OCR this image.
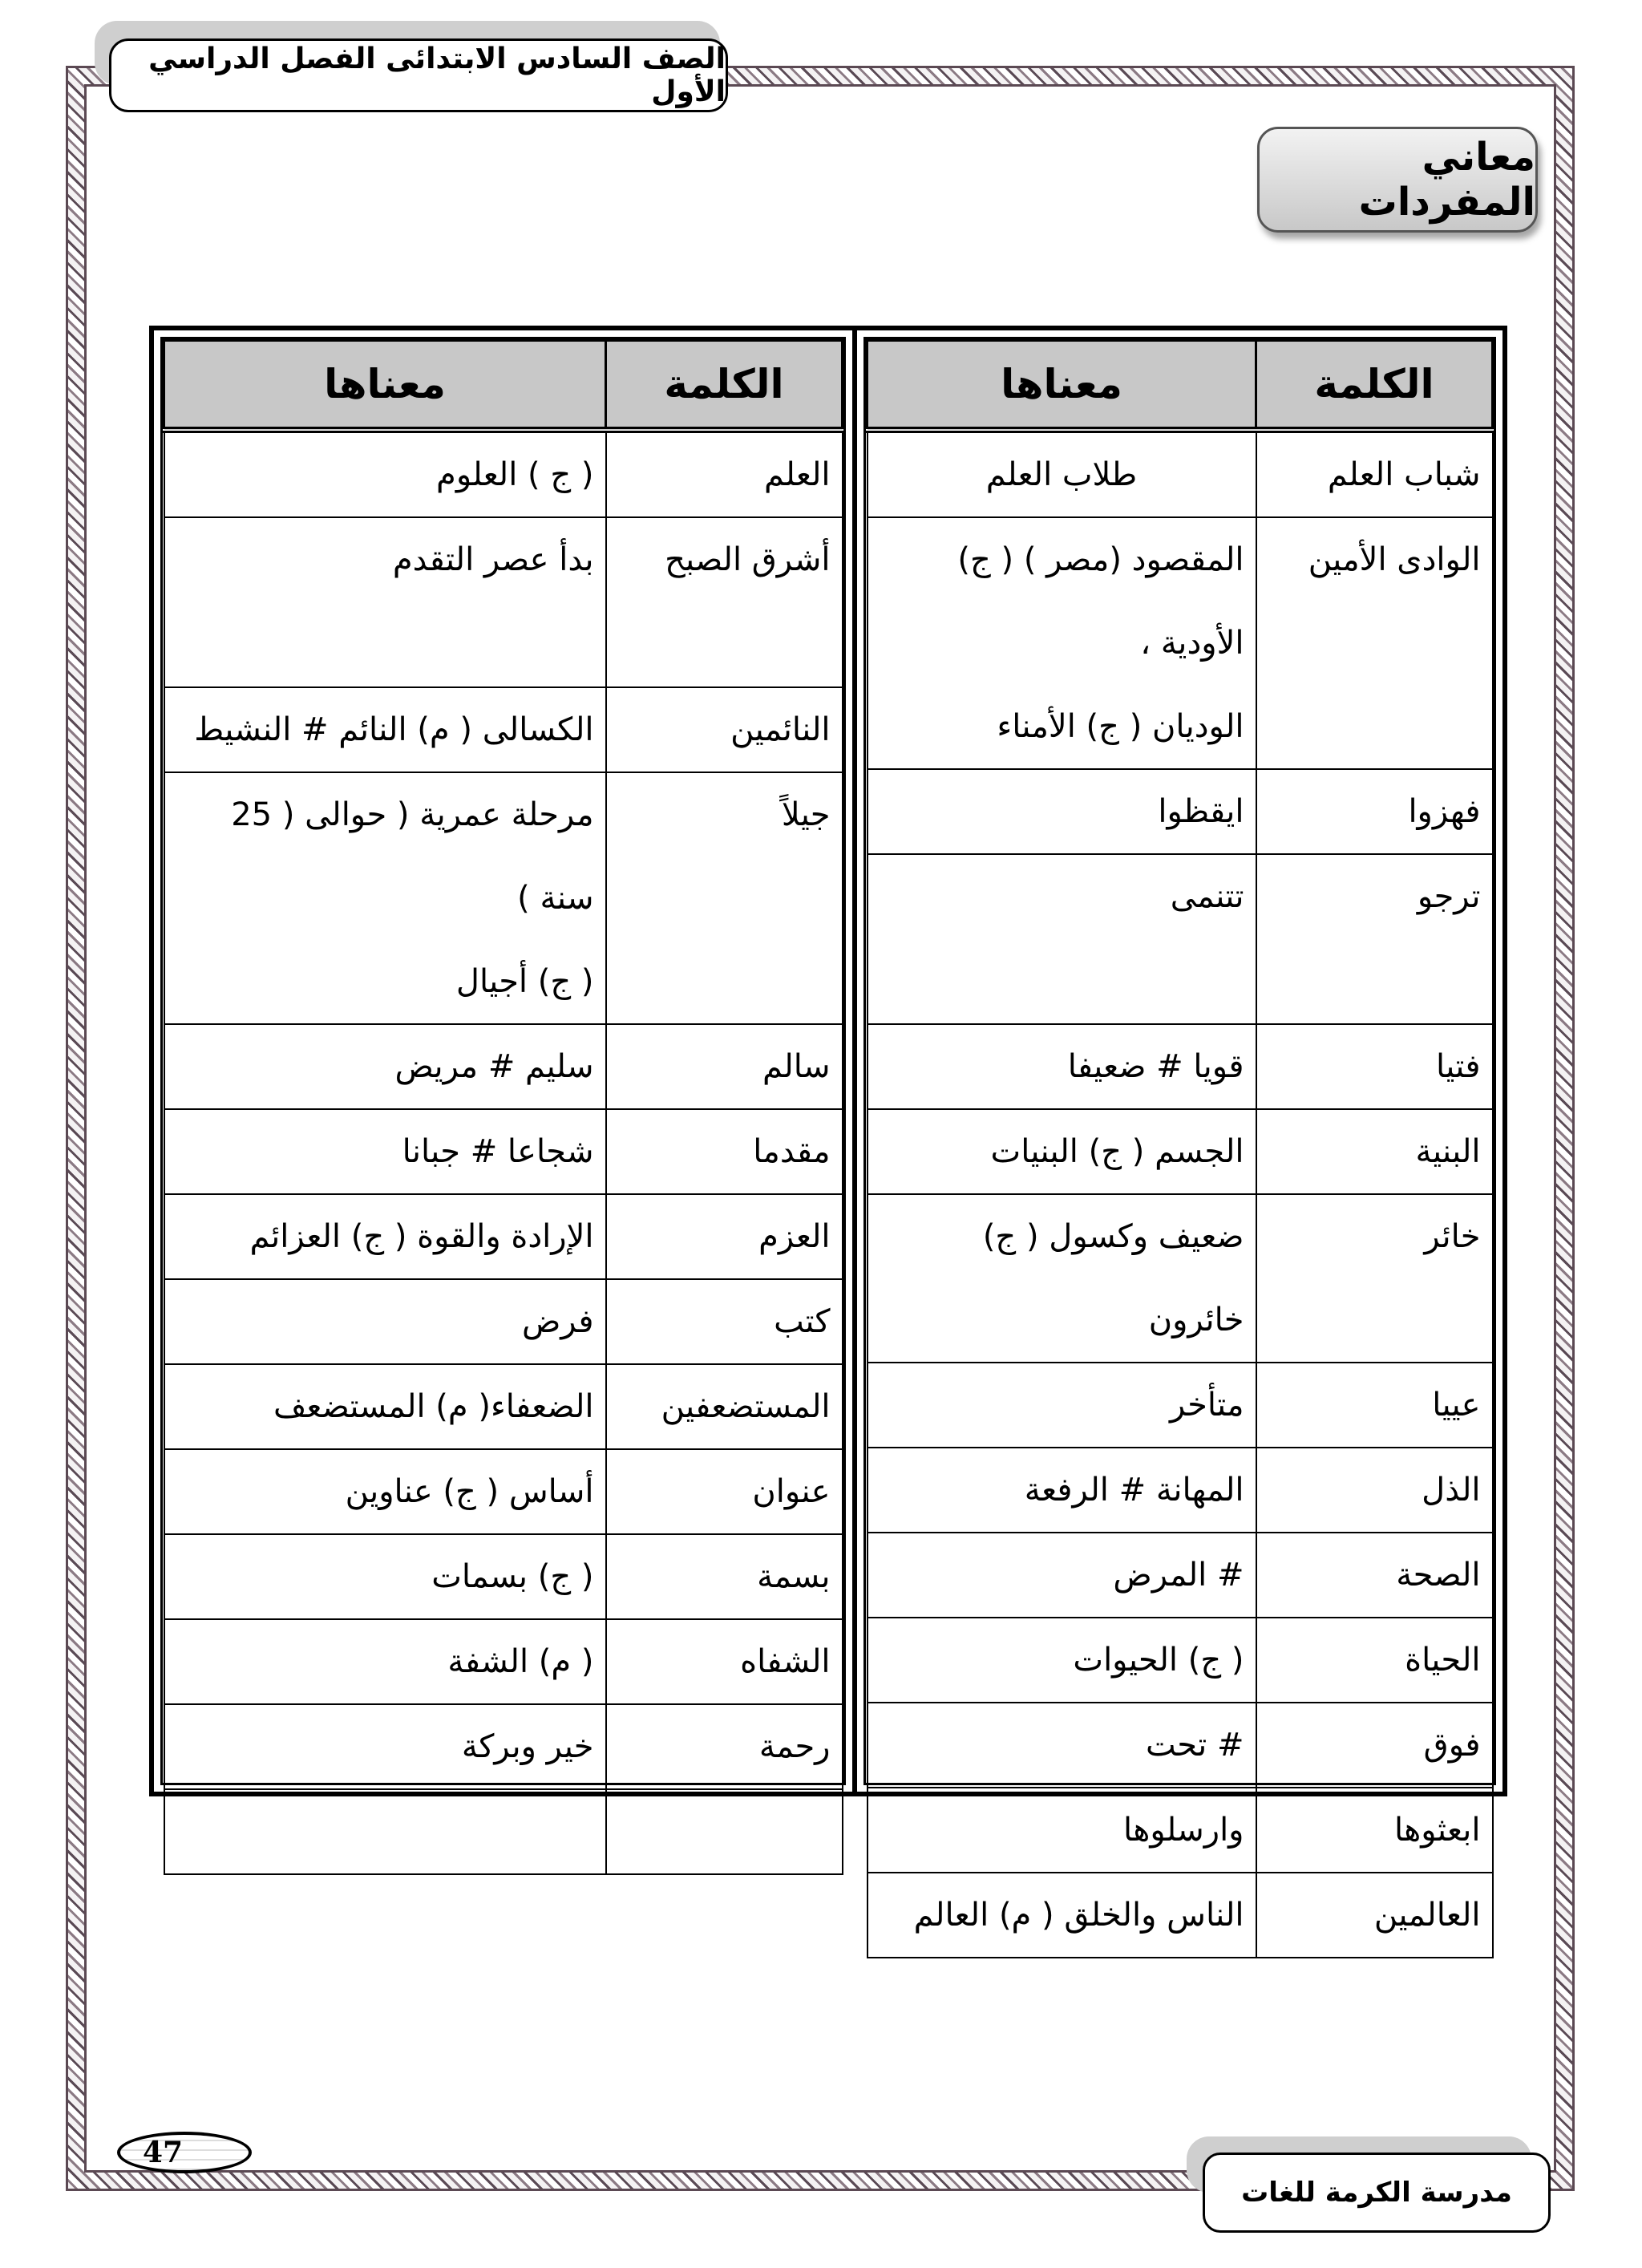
الصف السادس الابتدائى الفصل الدراسي الأول
معاني المفردات
الكلمة	معناها
شباب العلم	طلاب العلم

الوادى الأمين	المقصود (مصر ) ( ج) الأودية ،
الوديان ( ج) الأمناء

فهزوا	ايقظوا

ترجو	تتنمى

فتيا	قويا # ضعيفا

البنية	الجسم ( ج) البنيات

خائر	ضعيف وكسول ( ج) خائرون

عييا	متأخر

الذل	المهانة # الرفعة

الصحة	# المرض

الحياة	( ج) الحيوات

فوق	# تحت

ابعثوها	وارسلوها

العالمين	الناس والخلق ( م) العالم
الكلمة	معناها
العلم	( ج ) العلوم

أشرق الصبح	بدأ عصر التقدم

النائمين	الكسالى ( م) النائم # النشيط

جيلاً	مرحلة عمرية ( حوالى ( 25 سنة )
( ج) أجيال

سالم	سليم # مريض

مقدما	شجاعا # جبانا

العزم	الإرادة والقوة ( ج) العزائم

كتب	فرض

المستضعفين	الضعفاء( م) المستضعف

عنوان	أساس ( ج) عناوين

بسمة	( ج) بسمات

الشفاه	( م) الشفة

رحمة	خير وبركة

47
مدرسة الكرمة للغات
